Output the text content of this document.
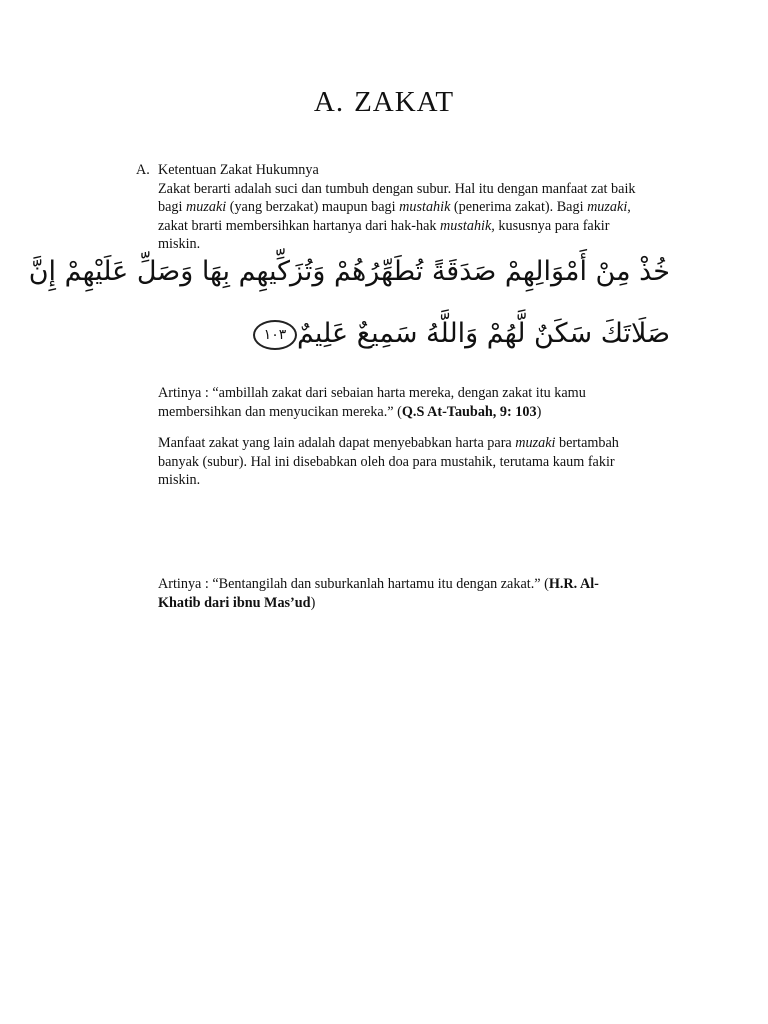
A. ZAKAT
A. Ketentuan Zakat Hukumnya
Zakat berarti adalah suci dan tumbuh dengan subur. Hal itu dengan manfaat zat baik bagi muzaki (yang berzakat) maupun bagi mustahik (penerima zakat). Bagi muzaki, zakat brarti membersihkan hartanya dari hak-hak mustahik, kususnya para fakir miskin.
خُذْ مِنْ أَمْوَالِهِمْ صَدَقَةً تُطَهِّرُهُمْ وَتُزَكِّيهِم بِهَا وَصَلِّ عَلَيْهِمْ إِنَّ
صَلَاتَكَ سَكَنٌ لَّهُمْ وَاللَّهُ سَمِيعٌ عَلِيمٌ١٠٣
Artinya : “ambillah zakat dari sebaian harta mereka, dengan zakat itu kamu membersihkan dan menyucikan mereka.” (Q.S At-Taubah, 9: 103)
Manfaat zakat yang lain adalah dapat menyebabkan harta para muzaki bertambah banyak (subur). Hal ini disebabkan oleh doa para mustahik, terutama kaum fakir miskin.
Artinya : “Bentangilah dan suburkanlah hartamu itu dengan zakat.” (H.R. Al-Khatib dari ibnu Mas’ud)
